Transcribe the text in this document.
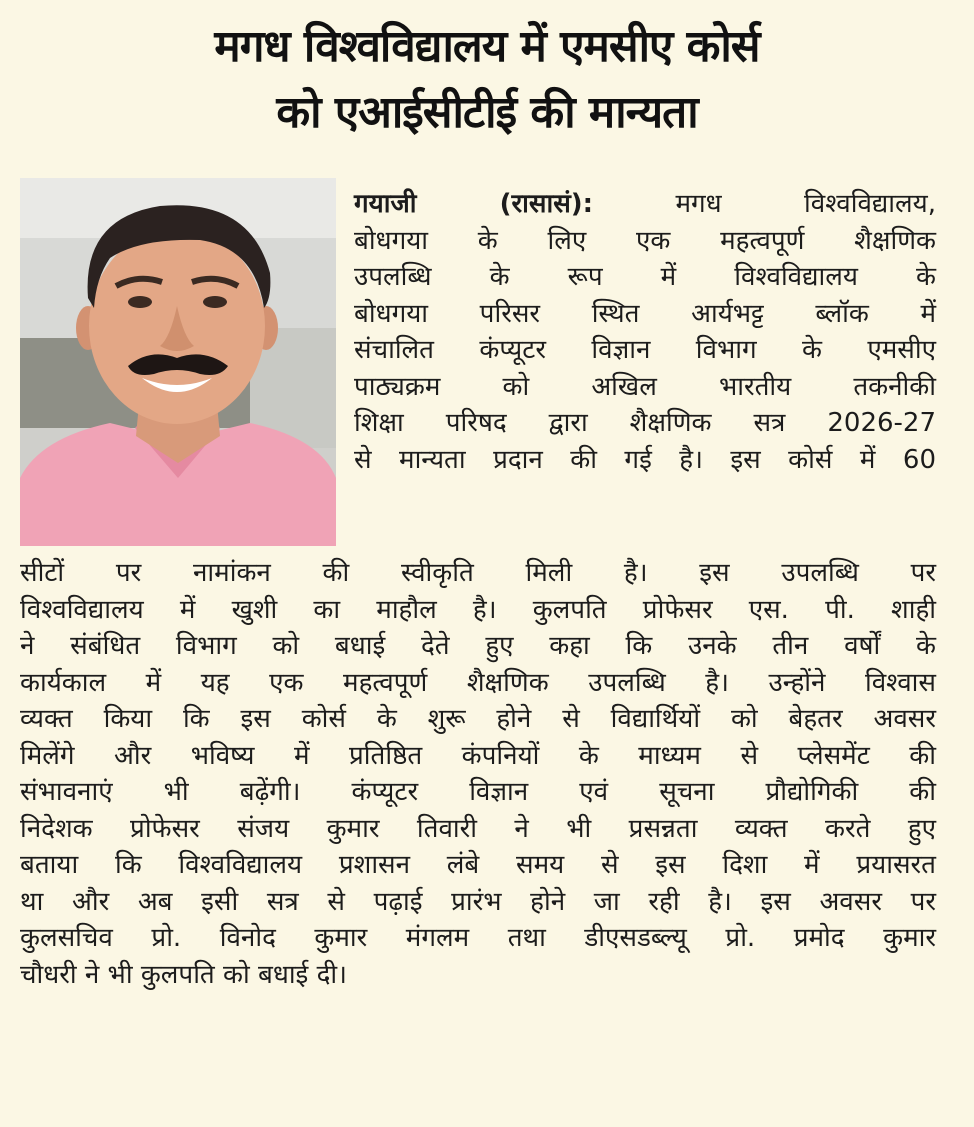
मगध विश्वविद्यालय में एमसीए कोर्स
को एआईसीटीई की मान्यता
गयाजी (रासासं): मगध विश्वविद्यालय,
बोधगया के लिए एक महत्वपूर्ण शैक्षणिक
उपलब्धि के रूप में विश्वविद्यालय के
बोधगया परिसर स्थित आर्यभट्ट ब्लॉक में
संचालित कंप्यूटर विज्ञान विभाग के एमसीए
पाठ्यक्रम को अखिल भारतीय तकनीकी
शिक्षा परिषद द्वारा शैक्षणिक सत्र 2026-27
से मान्यता प्रदान की गई है। इस कोर्स में 60
सीटों पर नामांकन की स्वीकृति मिली है। इस उपलब्धि पर
विश्वविद्यालय में खुशी का माहौल है। कुलपति प्रोफेसर एस. पी. शाही
ने संबंधित विभाग को बधाई देते हुए कहा कि उनके तीन वर्षों के
कार्यकाल में यह एक महत्वपूर्ण शैक्षणिक उपलब्धि है। उन्होंने विश्वास
व्यक्त किया कि इस कोर्स के शुरू होने से विद्यार्थियों को बेहतर अवसर
मिलेंगे और भविष्य में प्रतिष्ठित कंपनियों के माध्यम से प्लेसमेंट की
संभावनाएं भी बढ़ेंगी। कंप्यूटर विज्ञान एवं सूचना प्रौद्योगिकी की
निदेशक प्रोफेसर संजय कुमार तिवारी ने भी प्रसन्नता व्यक्त करते हुए
बताया कि विश्वविद्यालय प्रशासन लंबे समय से इस दिशा में प्रयासरत
था और अब इसी सत्र से पढ़ाई प्रारंभ होने जा रही है। इस अवसर पर
कुलसचिव प्रो. विनोद कुमार मंगलम तथा डीएसडब्ल्यू प्रो. प्रमोद कुमार
चौधरी ने भी कुलपति को बधाई दी।
